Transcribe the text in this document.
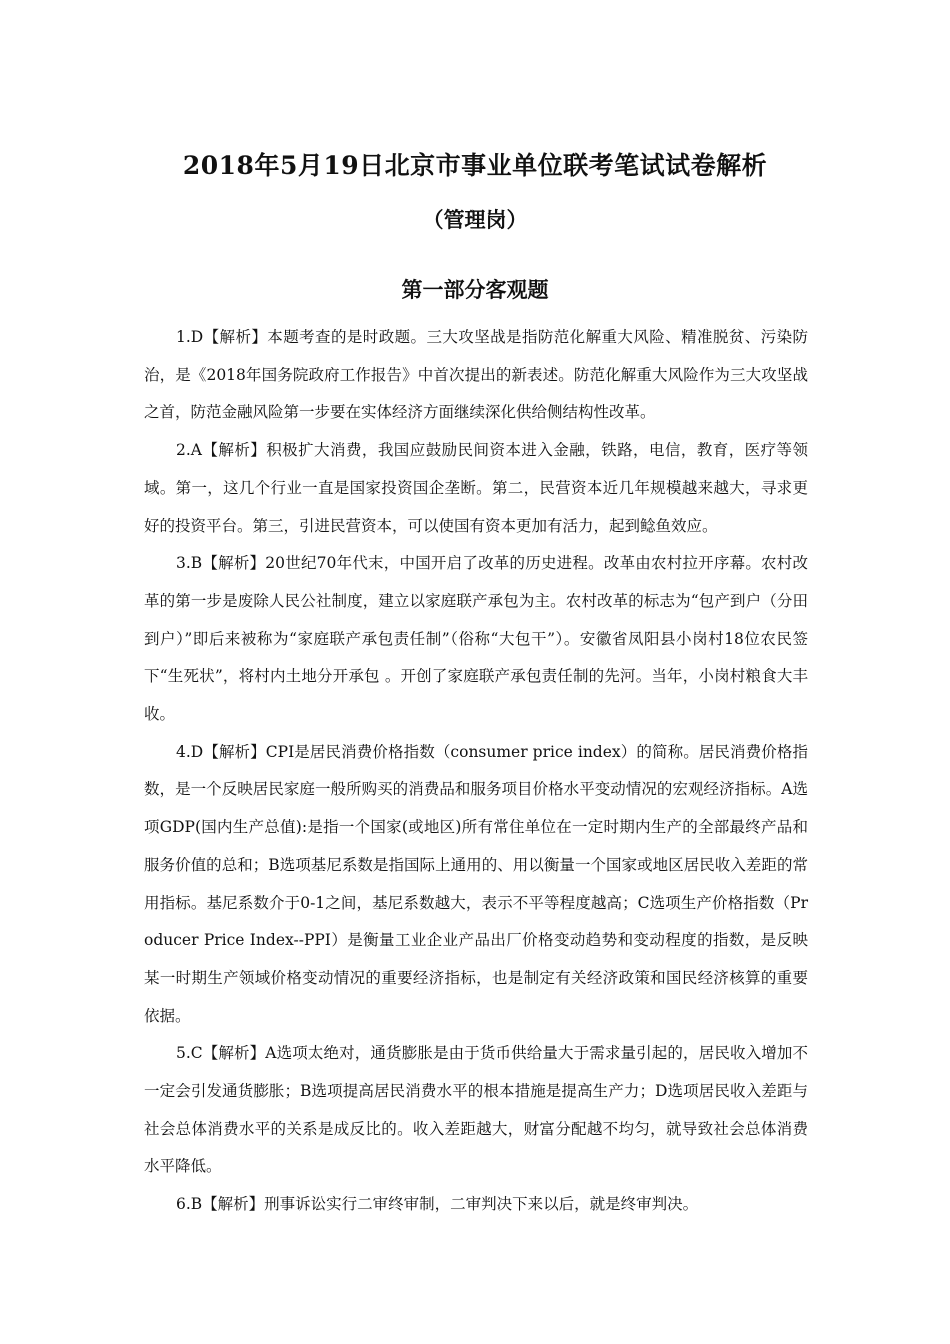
2018年5月19日北京市事业单位联考笔试试卷解析
（管理岗）
第一部分客观题

1.D【解析】本题考查的是时政题。三大攻坚战是指防范化解重大风险、精准脱贫、污染防治，是《2018年国务院政府工作报告》中首次提出的新表述。防范化解重大风险作为三大攻坚战之首，防范金融风险第一步要在实体经济方面继续深化供给侧结构性改革。

2.A【解析】积极扩大消费，我国应鼓励民间资本进入金融，铁路，电信，教育，医疗等领域。第一，这几个行业一直是国家投资国企垄断。第二，民营资本近几年规模越来越大，寻求更好的投资平台。第三，引进民营资本，可以使国有资本更加有活力，起到鲶鱼效应。

3.B【解析】20世纪70年代末，中国开启了改革的历史进程。改革由农村拉开序幕。农村改革的第一步是废除人民公社制度，建立以家庭联产承包为主。农村改革的标志为“包产到户（分田到户）”即后来被称为“家庭联产承包责任制”（俗称“大包干”）。安徽省凤阳县小岗村18位农民签下“生死状”，将村内土地分开承包 。开创了家庭联产承包责任制的先河。当年，小岗村粮食大丰收。

4.D【解析】CPI是居民消费价格指数（consumer price index）的简称。居民消费价格指数，是一个反映居民家庭一般所购买的消费品和服务项目价格水平变动情况的宏观经济指标。A选项GDP(国内生产总值):是指一个国家(或地区)所有常住单位在一定时期内生产的全部最终产品和服务价值的总和；B选项基尼系数是指国际上通用的、用以衡量一个国家或地区居民收入差距的常用指标。基尼系数介于0-1之间，基尼系数越大，表示不平等程度越高；C选项生产价格指数（Producer Price Index--PPI）是衡量工业企业产品出厂价格变动趋势和变动程度的指数，是反映某一时期生产领域价格变动情况的重要经济指标，也是制定有关经济政策和国民经济核算的重要依据。

5.C【解析】A选项太绝对，通货膨胀是由于货币供给量大于需求量引起的，居民收入增加不一定会引发通货膨胀；B选项提高居民消费水平的根本措施是提高生产力；D选项居民收入差距与社会总体消费水平的关系是成反比的。收入差距越大，财富分配越不均匀，就导致社会总体消费水平降低。

6.B【解析】刑事诉讼实行二审终审制，二审判决下来以后，就是终审判决。
